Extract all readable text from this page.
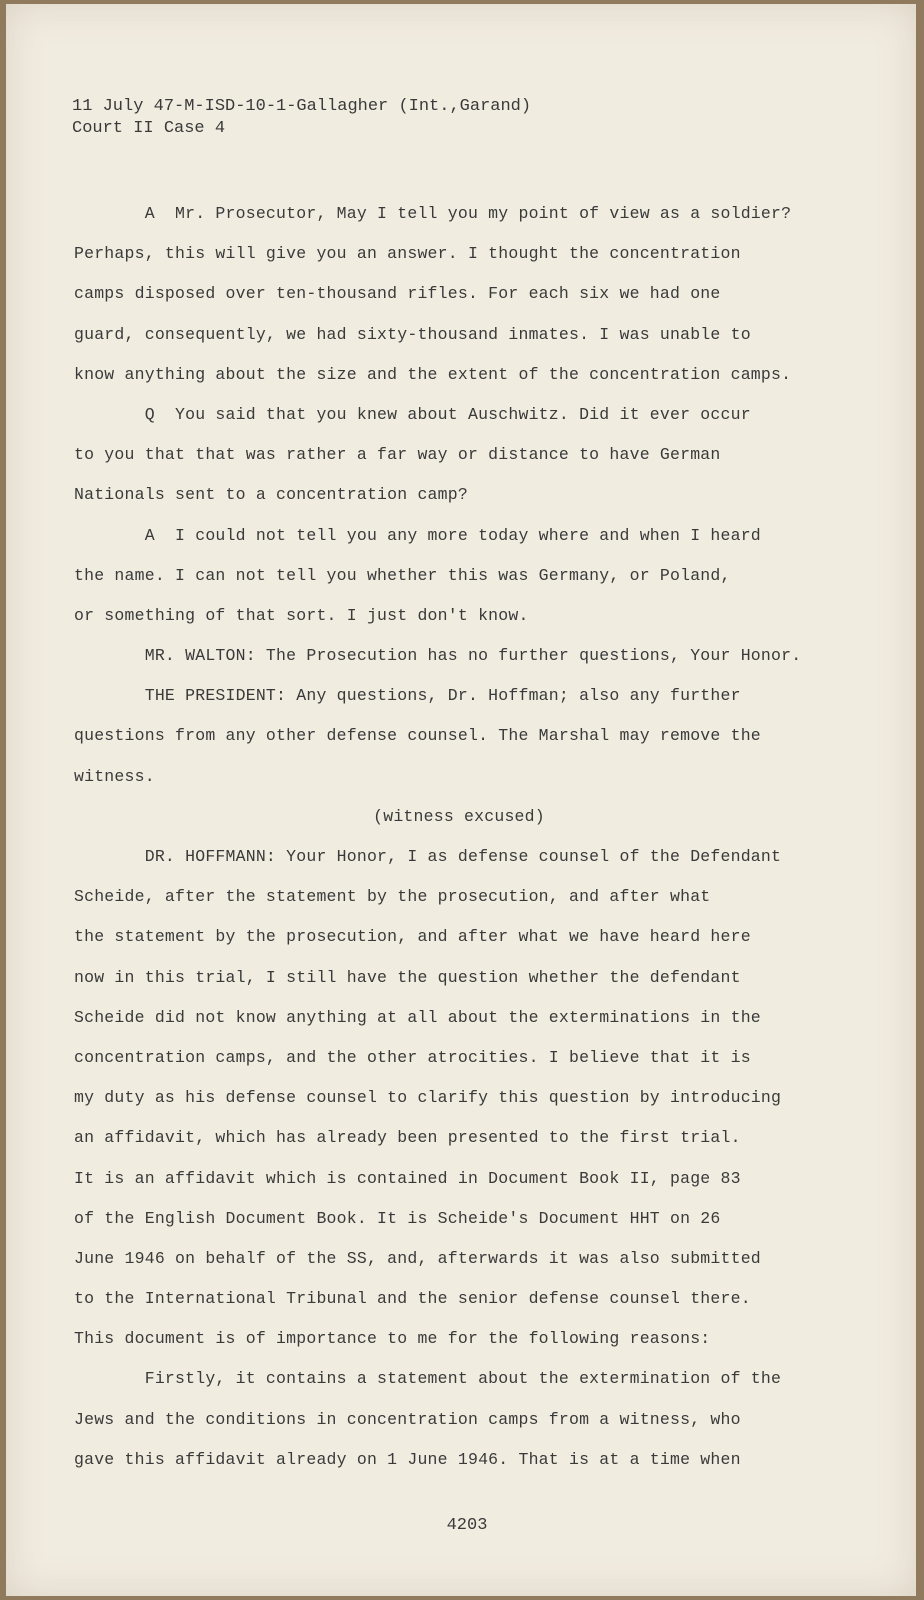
11 July 47-M-ISD-10-1-Gallagher (Int.,Garand)
Court II Case 4
A  Mr. Prosecutor, May I tell you my point of view as a soldier?
Perhaps, this will give you an answer. I thought the concentration
camps disposed over ten-thousand rifles. For each six we had one
guard, consequently, we had sixty-thousand inmates. I was unable to
know anything about the size and the extent of the concentration camps.
Q  You said that you knew about Auschwitz. Did it ever occur
to you that that was rather a far way or distance to have German
Nationals sent to a concentration camp?
A  I could not tell you any more today where and when I heard
the name. I can not tell you whether this was Germany, or Poland,
or something of that sort. I just don't know.
MR. WALTON: The Prosecution has no further questions, Your Honor.
THE PRESIDENT: Any questions, Dr. Hoffman; also any further
questions from any other defense counsel. The Marshal may remove the
witness.
(witness excused)
DR. HOFFMANN: Your Honor, I as defense counsel of the Defendant
Scheide, after the statement by the prosecution, and after what
the statement by the prosecution, and after what we have heard here
now in this trial, I still have the question whether the defendant
Scheide did not know anything at all about the exterminations in the
concentration camps, and the other atrocities. I believe that it is
my duty as his defense counsel to clarify this question by introducing
an affidavit, which has already been presented to the first trial.
It is an affidavit which is contained in Document Book II, page 83
of the English Document Book. It is Scheide's Document HHT on 26
June 1946 on behalf of the SS, and, afterwards it was also submitted
to the International Tribunal and the senior defense counsel there.
This document is of importance to me for the following reasons:
Firstly, it contains a statement about the extermination of the
Jews and the conditions in concentration camps from a witness, who
gave this affidavit already on 1 June 1946. That is at a time when
4203
